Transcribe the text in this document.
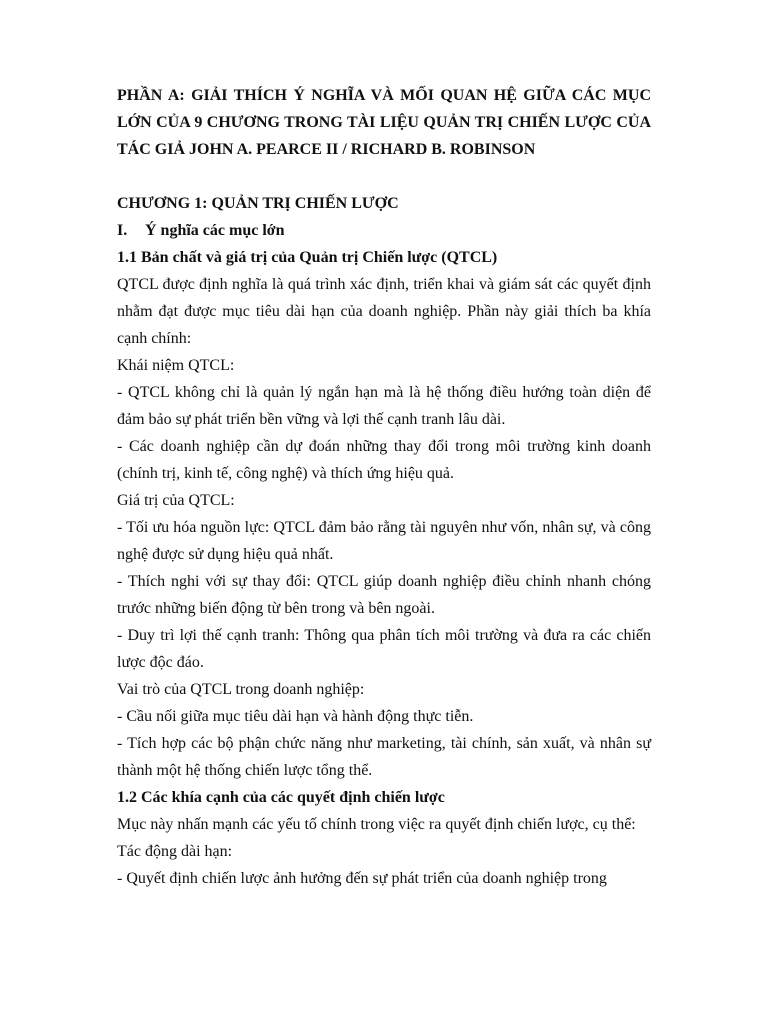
PHẦN A: GIẢI THÍCH Ý NGHĨA VÀ MỐI QUAN HỆ GIỮA CÁC MỤC LỚN CỦA 9 CHƯƠNG TRONG TÀI LIỆU QUẢN TRỊ CHIẾN LƯỢC CỦA TÁC GIẢ JOHN A. PEARCE II / RICHARD B. ROBINSON

CHƯƠNG 1: QUẢN TRỊ CHIẾN LƯỢC

I. Ý nghĩa các mục lớn

1.1 Bản chất và giá trị của Quản trị Chiến lược (QTCL)

QTCL được định nghĩa là quá trình xác định, triển khai và giám sát các quyết định nhằm đạt được mục tiêu dài hạn của doanh nghiệp. Phần này giải thích ba khía cạnh chính:

Khái niệm QTCL:

- QTCL không chỉ là quản lý ngắn hạn mà là hệ thống điều hướng toàn diện để đảm bảo sự phát triển bền vững và lợi thế cạnh tranh lâu dài.

- Các doanh nghiệp cần dự đoán những thay đổi trong môi trường kinh doanh (chính trị, kinh tế, công nghệ) và thích ứng hiệu quả.

Giá trị của QTCL:

- Tối ưu hóa nguồn lực: QTCL đảm bảo rằng tài nguyên như vốn, nhân sự, và công nghệ được sử dụng hiệu quả nhất.

- Thích nghi với sự thay đổi: QTCL giúp doanh nghiệp điều chỉnh nhanh chóng trước những biến động từ bên trong và bên ngoài.

- Duy trì lợi thế cạnh tranh: Thông qua phân tích môi trường và đưa ra các chiến lược độc đáo.

Vai trò của QTCL trong doanh nghiệp:

- Cầu nối giữa mục tiêu dài hạn và hành động thực tiễn.

- Tích hợp các bộ phận chức năng như marketing, tài chính, sản xuất, và nhân sự thành một hệ thống chiến lược tổng thể.

1.2 Các khía cạnh của các quyết định chiến lược

Mục này nhấn mạnh các yếu tố chính trong việc ra quyết định chiến lược, cụ thể:

Tác động dài hạn:

- Quyết định chiến lược ảnh hưởng đến sự phát triển của doanh nghiệp trong
